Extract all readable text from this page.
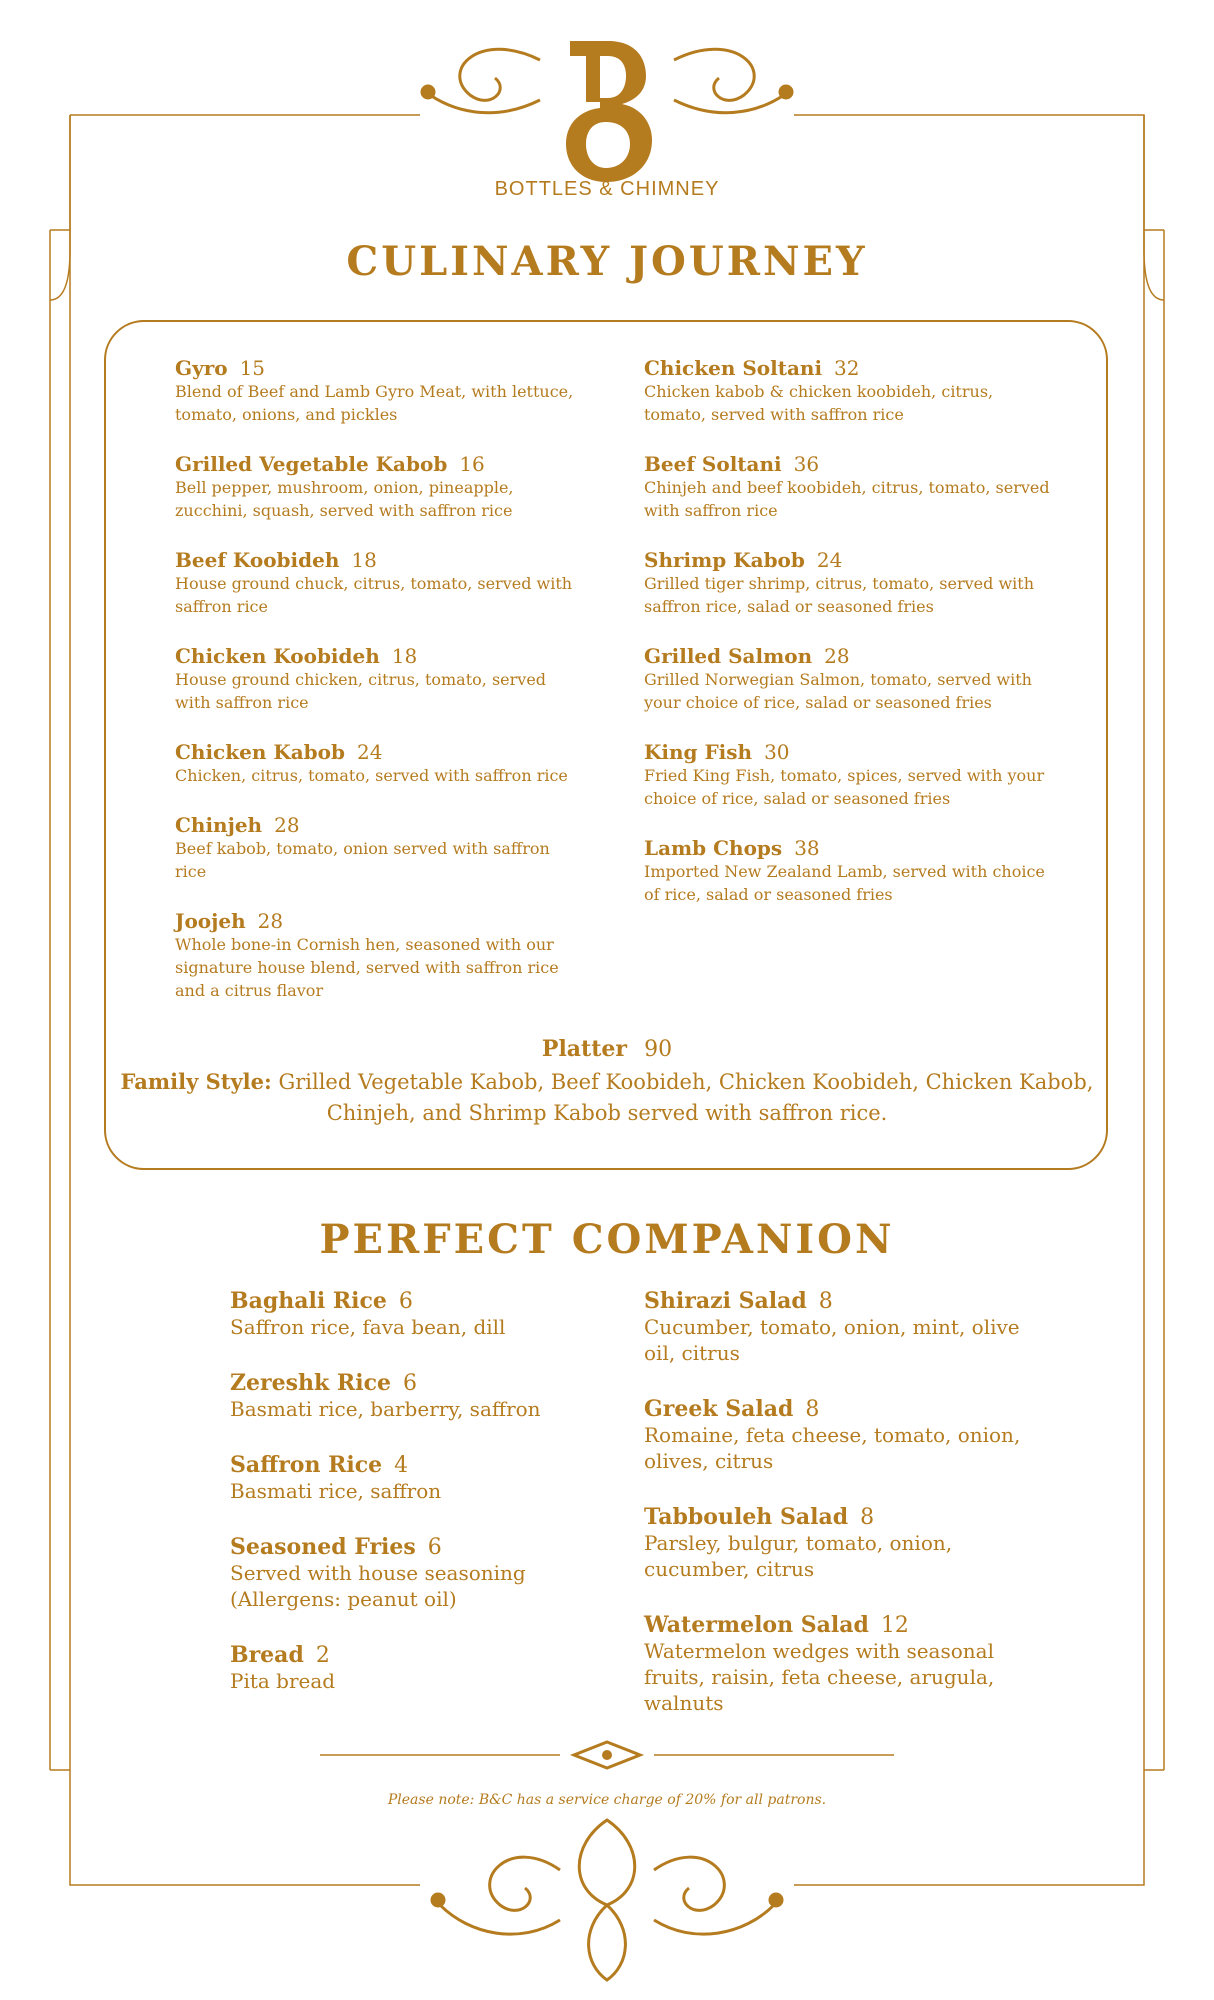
BOTTLES & CHIMNEY
CULINARY JOURNEY
Gyro 15
Blend of Beef and Lamb Gyro Meat, with lettuce, tomato, onions, and pickles
Grilled Vegetable Kabob 16
Bell pepper, mushroom, onion, pineapple, zucchini, squash, served with saffron rice
Beef Koobideh 18
House ground chuck, citrus, tomato, served with saffron rice
Chicken Koobideh 18
House ground chicken, citrus, tomato, served with saffron rice
Chicken Kabob 24
Chicken, citrus, tomato, served with saffron rice
Chinjeh 28
Beef kabob, tomato, onion served with saffron rice
Joojeh 28
Whole bone-in Cornish hen, seasoned with our signature house blend, served with saffron rice and a citrus flavor
Chicken Soltani 32
Chicken kabob & chicken koobideh, citrus, tomato, served with saffron rice
Beef Soltani 36
Chinjeh and beef koobideh, citrus, tomato, served with saffron rice
Shrimp Kabob 24
Grilled tiger shrimp, citrus, tomato, served with saffron rice, salad or seasoned fries
Grilled Salmon 28
Grilled Norwegian Salmon, tomato, served with your choice of rice, salad or seasoned fries
King Fish 30
Fried King Fish, tomato, spices, served with your choice of rice, salad or seasoned fries
Lamb Chops 38
Imported New Zealand Lamb, served with choice of rice, salad or seasoned fries
Platter 90
Family Style: Grilled Vegetable Kabob, Beef Koobideh, Chicken Koobideh, Chicken Kabob, Chinjeh, and Shrimp Kabob served with saffron rice.
PERFECT COMPANION
Baghali Rice 6
Saffron rice, fava bean, dill
Zereshk Rice 6
Basmati rice, barberry, saffron
Saffron Rice 4
Basmati rice, saffron
Seasoned Fries 6
Served with house seasoning (Allergens: peanut oil)
Bread 2
Pita bread
Shirazi Salad 8
Cucumber, tomato, onion, mint, olive oil, citrus
Greek Salad 8
Romaine, feta cheese, tomato, onion, olives, citrus
Tabbouleh Salad 8
Parsley, bulgur, tomato, onion, cucumber, citrus
Watermelon Salad 12
Watermelon wedges with seasonal fruits, raisin, feta cheese, arugula, walnuts
Please note: B&C has a service charge of 20% for all patrons.
